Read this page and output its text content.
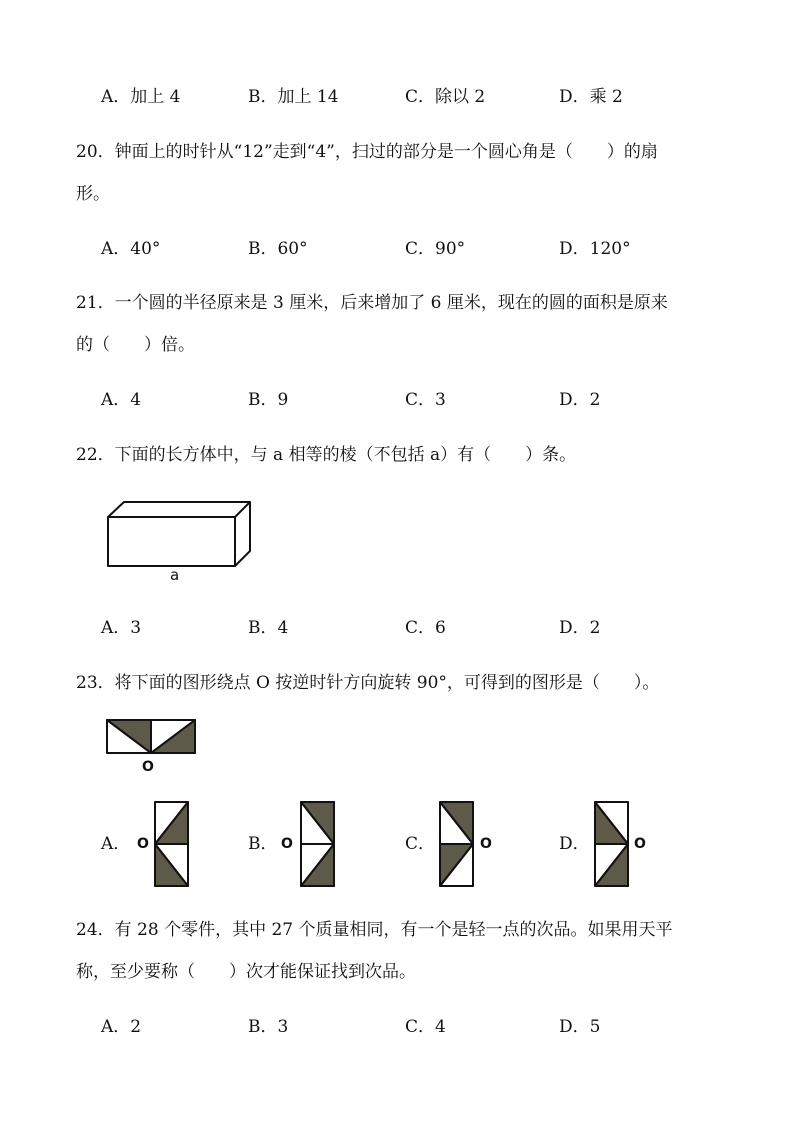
A．加上 4	B．加上 14	C．除以 2	D．乘 2
20．钟面上的时针从“12”走到“4”，扫过的部分是一个圆心角是（　　）的扇
形。
A．40°	B．60°	C．90°	D．120°
21．一个圆的半径原来是 3 厘米，后来增加了 6 厘米，现在的圆的面积是原来
的（　　）倍。
A．4	B．9	C．3	D．2
22．下面的长方体中，与 a 相等的棱（不包括 a）有（　　）条。
a
A．3	B．4	C．6	D．2
23．将下面的图形绕点 O 按逆时针方向旋转 90°，可得到的图形是（　　）。
O
A． O	B． O	C．	O	D．	O
24．有 28 个零件，其中 27 个质量相同，有一个是轻一点的次品。如果用天平
称，至少要称（　　）次才能保证找到次品。
A．2	B．3	C．4	D．5
